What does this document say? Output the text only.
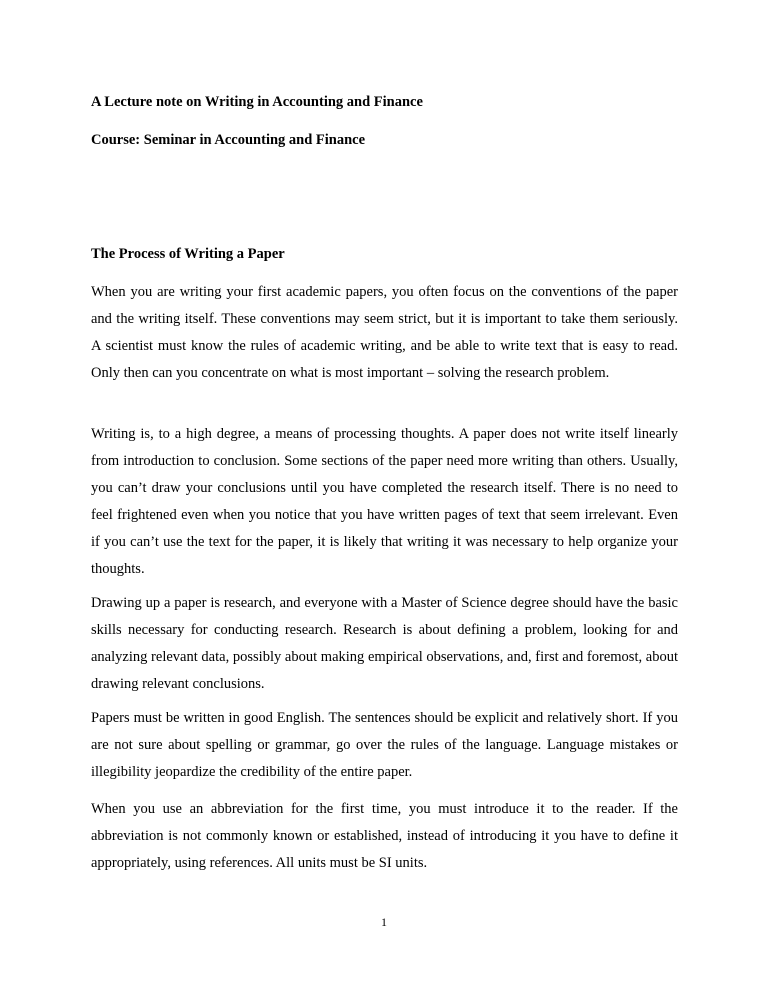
A Lecture note on Writing in Accounting and Finance
Course: Seminar in Accounting and Finance
The Process of Writing a Paper
When you are writing your first academic papers, you often focus on the conventions of the paper and the writing itself. These conventions may seem strict, but it is important to take them seriously. A scientist must know the rules of academic writing, and be able to write text that is easy to read. Only then can you concentrate on what is most important – solving the research problem.
Writing is, to a high degree, a means of processing thoughts. A paper does not write itself linearly from introduction to conclusion. Some sections of the paper need more writing than others. Usually, you can’t draw your conclusions until you have completed the research itself. There is no need to feel frightened even when you notice that you have written pages of text that seem irrelevant. Even if you can’t use the text for the paper, it is likely that writing it was necessary to help organize your thoughts.
Drawing up a paper is research, and everyone with a Master of Science degree should have the basic skills necessary for conducting research. Research is about defining a problem, looking for and analyzing relevant data, possibly about making empirical observations, and, first and foremost, about drawing relevant conclusions.
Papers must be written in good English. The sentences should be explicit and relatively short. If you are not sure about spelling or grammar, go over the rules of the language. Language mistakes or illegibility jeopardize the credibility of the entire paper.
When you use an abbreviation for the first time, you must introduce it to the reader. If the abbreviation is not commonly known or established, instead of introducing it you have to define it appropriately, using references. All units must be SI units.
1
